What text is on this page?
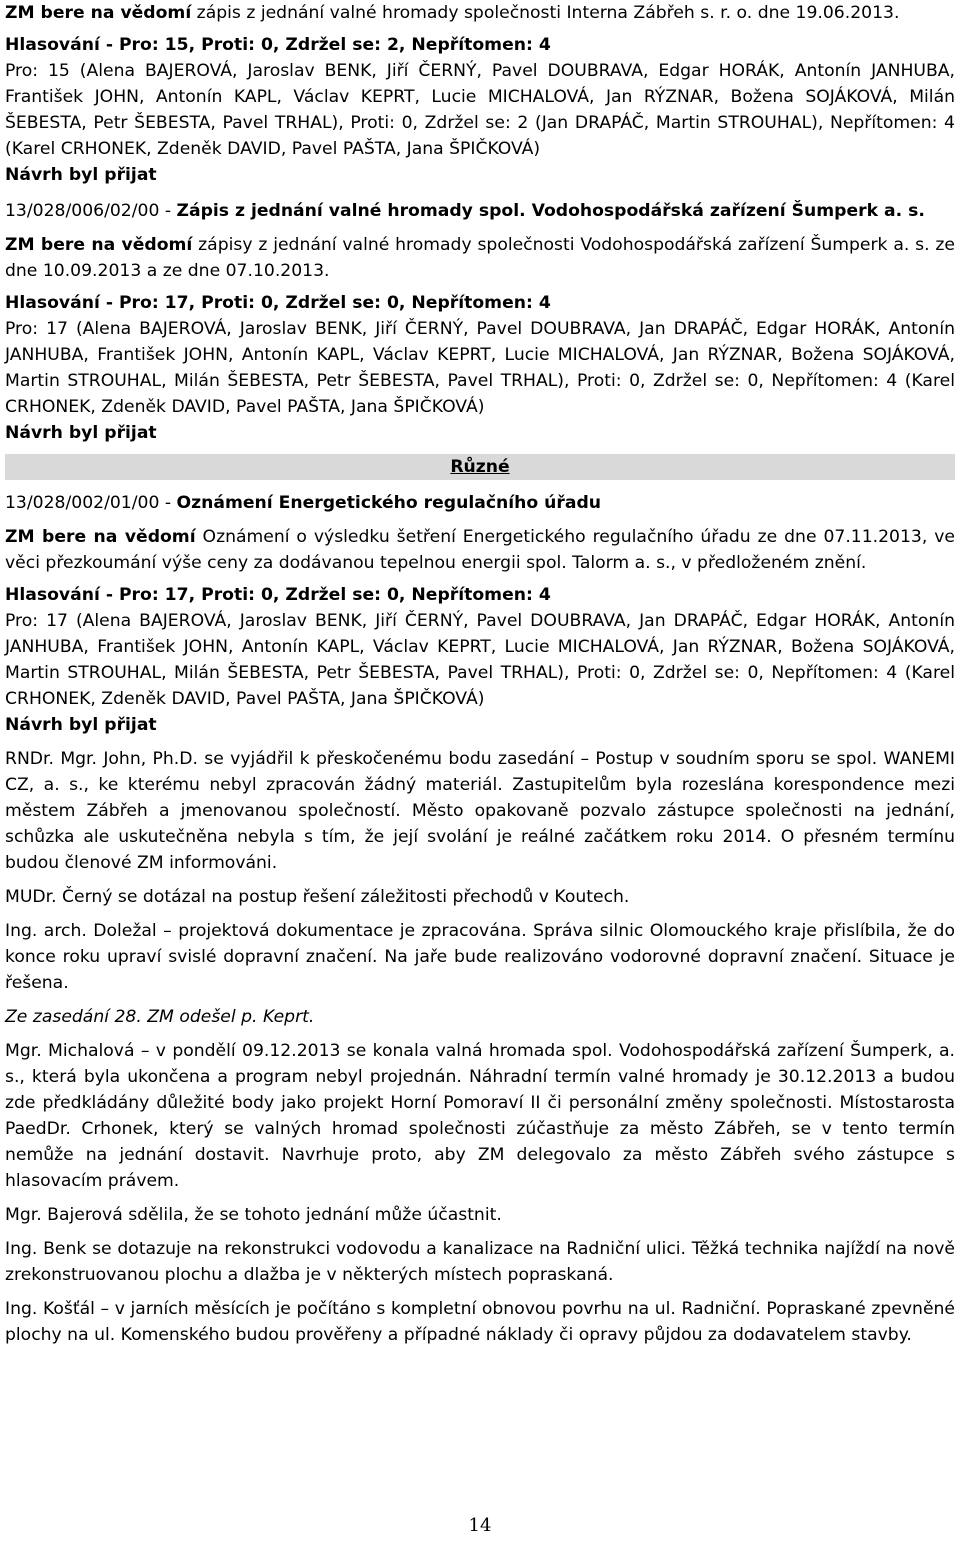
ZM bere na vědomí zápis z jednání valné hromady společnosti Interna Zábřeh s. r. o. dne 19.06.2013.

Hlasování - Pro: 15, Proti: 0, Zdržel se: 2, Nepřítomen: 4

Pro: 15 (Alena BAJEROVÁ, Jaroslav BENK, Jiří ČERNÝ, Pavel DOUBRAVA, Edgar HORÁK, Antonín JANHUBA, František JOHN, Antonín KAPL, Václav KEPRT, Lucie MICHALOVÁ, Jan RÝZNAR, Božena SOJÁKOVÁ, Milán ŠEBESTA, Petr ŠEBESTA, Pavel TRHAL), Proti: 0, Zdržel se: 2 (Jan DRAPÁČ, Martin STROUHAL), Nepřítomen: 4 (Karel CRHONEK, Zdeněk DAVID, Pavel PAŠTA, Jana ŠPIČKOVÁ)

Návrh byl přijat

13/028/006/02/00 - Zápis z jednání valné hromady spol. Vodohospodářská zařízení Šumperk a. s.

ZM bere na vědomí zápisy z jednání valné hromady společnosti Vodohospodářská zařízení Šumperk a. s. ze dne 10.09.2013 a ze dne 07.10.2013.

Hlasování - Pro: 17, Proti: 0, Zdržel se: 0, Nepřítomen: 4

Pro: 17 (Alena BAJEROVÁ, Jaroslav BENK, Jiří ČERNÝ, Pavel DOUBRAVA, Jan DRAPÁČ, Edgar HORÁK, Antonín JANHUBA, František JOHN, Antonín KAPL, Václav KEPRT, Lucie MICHALOVÁ, Jan RÝZNAR, Božena SOJÁKOVÁ, Martin STROUHAL, Milán ŠEBESTA, Petr ŠEBESTA, Pavel TRHAL), Proti: 0, Zdržel se: 0, Nepřítomen: 4 (Karel CRHONEK, Zdeněk DAVID, Pavel PAŠTA, Jana ŠPIČKOVÁ)

Návrh byl přijat

Různé

13/028/002/01/00 - Oznámení Energetického regulačního úřadu

ZM bere na vědomí Oznámení o výsledku šetření Energetického regulačního úřadu ze dne 07.11.2013, ve věci přezkoumání výše ceny za dodávanou tepelnou energii spol. Talorm a. s., v předloženém znění.

Hlasování - Pro: 17, Proti: 0, Zdržel se: 0, Nepřítomen: 4

Pro: 17 (Alena BAJEROVÁ, Jaroslav BENK, Jiří ČERNÝ, Pavel DOUBRAVA, Jan DRAPÁČ, Edgar HORÁK, Antonín JANHUBA, František JOHN, Antonín KAPL, Václav KEPRT, Lucie MICHALOVÁ, Jan RÝZNAR, Božena SOJÁKOVÁ, Martin STROUHAL, Milán ŠEBESTA, Petr ŠEBESTA, Pavel TRHAL), Proti: 0, Zdržel se: 0, Nepřítomen: 4 (Karel CRHONEK, Zdeněk DAVID, Pavel PAŠTA, Jana ŠPIČKOVÁ)

Návrh byl přijat

RNDr. Mgr. John, Ph.D. se vyjádřil k přeskočenému bodu zasedání – Postup v soudním sporu se spol. WANEMI CZ, a. s., ke kterému nebyl zpracován žádný materiál. Zastupitelům byla rozeslána korespondence mezi městem Zábřeh a jmenovanou společností. Město opakovaně pozvalo zástupce společnosti na jednání, schůzka ale uskutečněna nebyla s tím, že její svolání je reálné začátkem roku 2014. O přesném termínu budou členové ZM informováni.

MUDr. Černý se dotázal na postup řešení záležitosti přechodů v Koutech.

Ing. arch. Doležal – projektová dokumentace je zpracována. Správa silnic Olomouckého kraje přislíbila, že do konce roku upraví svislé dopravní značení. Na jaře bude realizováno vodorovné dopravní značení. Situace je řešena.

Ze zasedání 28. ZM odešel p. Keprt.

Mgr. Michalová – v pondělí 09.12.2013 se konala valná hromada spol. Vodohospodářská zařízení Šumperk, a. s., která byla ukončena a program nebyl projednán. Náhradní termín valné hromady je 30.12.2013 a budou zde předkládány důležité body jako projekt Horní Pomoraví II či personální změny společnosti. Místostarosta PaedDr. Crhonek, který se valných hromad společnosti zúčastňuje za město Zábřeh, se v tento termín nemůže na jednání dostavit. Navrhuje proto, aby ZM delegovalo za město Zábřeh svého zástupce s hlasovacím právem.

Mgr. Bajerová sdělila, že se tohoto jednání může účastnit.

Ing. Benk se dotazuje na rekonstrukci vodovodu a kanalizace na Radniční ulici. Těžká technika najíždí na nově zrekonstruovanou plochu a dlažba je v některých místech popraskaná.

Ing. Košťál – v jarních měsících je počítáno s kompletní obnovou povrhu na ul. Radniční. Popraskané zpevněné plochy na ul. Komenského budou prověřeny a případné náklady či opravy půjdou za dodavatelem stavby.

14
